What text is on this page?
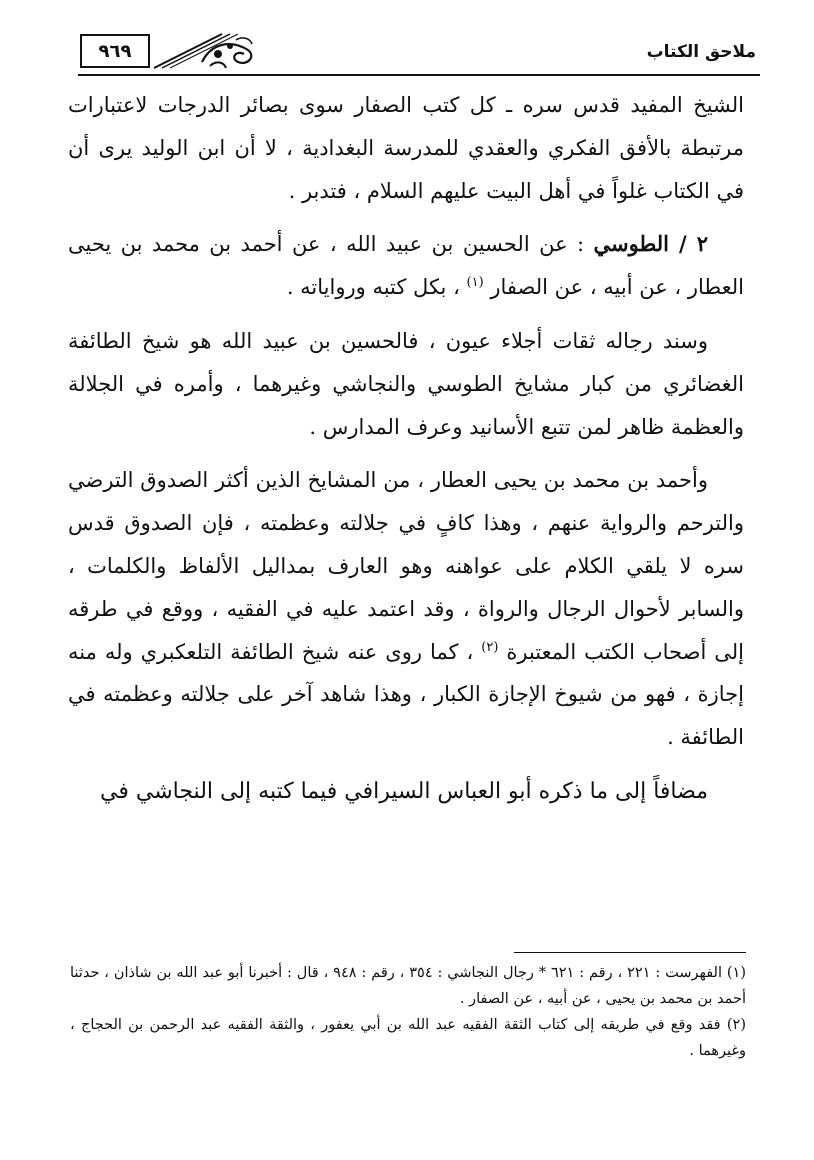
٩٦٩	ملاحق الكتاب

الشيخ المفيد قدس سره ـ كل كتب الصفار سوى بصائر الدرجات لاعتبارات مرتبطة بالأفق الفكري والعقدي للمدرسة البغدادية ، لا أن ابن الوليد يرى أن في الكتاب غلواً في أهل البيت عليهم السلام ، فتدبر .

٢ / الطوسي : عن الحسين بن عبيد الله ، عن أحمد بن محمد بن يحيى العطار ، عن أبيه ، عن الصفار $^{(١)}$ ، بكل كتبه ورواياته .

وسند رجاله ثقات أجلاء عيون ، فالحسين بن عبيد الله هو شيخ الطائفة الغضائري من كبار مشايخ الطوسي والنجاشي وغيرهما ، وأمره في الجلالة والعظمة ظاهر لمن تتبع الأسانيد وعرف المدارس .

وأحمد بن محمد بن يحيى العطار ، من المشايخ الذين أكثر الصدوق الترضي والترحم والرواية عنهم ، وهذا كافٍ في جلالته وعظمته ، فإن الصدوق قدس سره لا يلقي الكلام على عواهنه وهو العارف بمداليل الألفاظ والكلمات ، والسابر لأحوال الرجال والرواة ، وقد اعتمد عليه في الفقيه ، ووقع في طرقه إلى أصحاب الكتب المعتبرة $^{(٢)}$ ، كما روى عنه شيخ الطائفة التلعكبري وله منه إجازة ، فهو من شيوخ الإجازة الكبار ، وهذا شاهد آخر على جلالته وعظمته في الطائفة .

مضافاً إلى ما ذكره أبو العباس السيرافي فيما كتبه إلى النجاشي في

(١) الفهرست : ٢٢١ ، رقم : ٦٢١ * رجال النجاشي : ٣٥٤ ، رقم : ٩٤٨ ، قال : أخبرنا أبو عبد الله بن شاذان ، حدثنا أحمد بن محمد بن يحيى ، عن أبيه ، عن الصفار .

(٢) فقد وقع في طريقه إلى كتاب الثقة الفقيه عبد الله بن أبي يعفور ، والثقة الفقيه عبد الرحمن بن الحجاج ، وغيرهما .
